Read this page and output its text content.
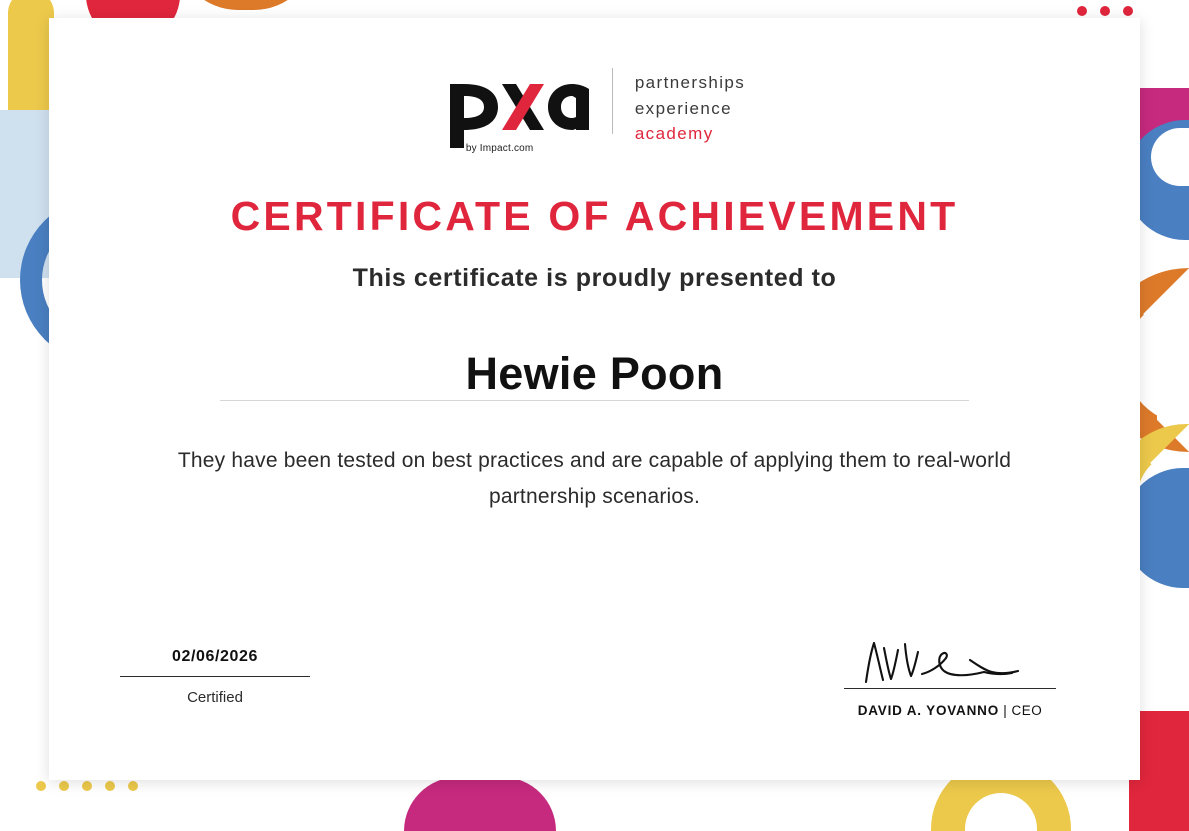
by Impact.com
partnerships
experience
academy
CERTIFICATE OF ACHIEVEMENT
This certificate is proudly presented to
Hewie Poon
They have been tested on best practices and are capable of applying them to real-world partnership scenarios.
02/06/2026
Certified
DAVID A. YOVANNO | CEO
